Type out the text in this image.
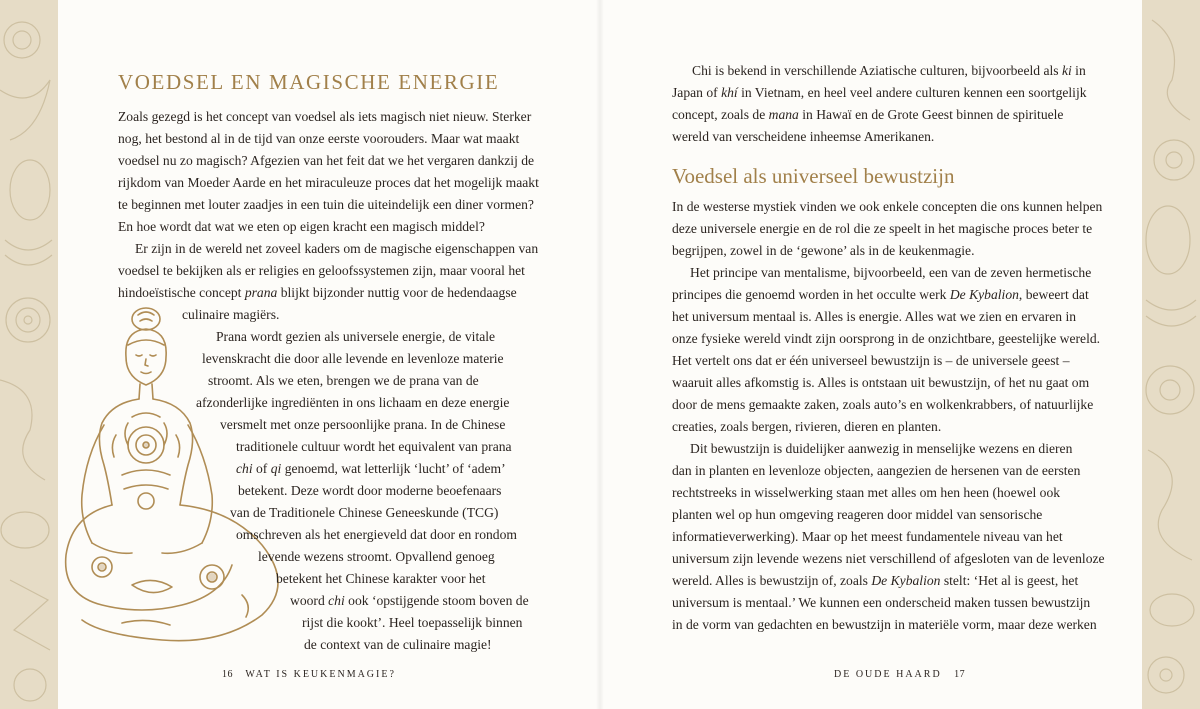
VOEDSEL EN MAGISCHE ENERGIE
Zoals gezegd is het concept van voedsel als iets magisch niet nieuw. Sterker
nog, het bestond al in de tijd van onze eerste voorouders. Maar wat maakt
voedsel nu zo magisch? Afgezien van het feit dat we het vergaren dankzij de
rijkdom van Moeder Aarde en het miraculeuze proces dat het mogelijk maakt
te beginnen met louter zaadjes in een tuin die uiteindelijk een diner vormen?
En hoe wordt dat wat we eten op eigen kracht een magisch middel?
Er zijn in de wereld net zoveel kaders om de magische eigenschappen van
voedsel te bekijken als er religies en geloofssystemen zijn, maar vooral het
hindoeïstische concept prana blijkt bijzonder nuttig voor de hedendaagse
culinaire magiërs.
Prana wordt gezien als universele energie, de vitale
levenskracht die door alle levende en levenloze materie
stroomt. Als we eten, brengen we de prana van de
afzonderlijke ingrediënten in ons lichaam en deze energie
versmelt met onze persoonlijke prana. In de Chinese
traditionele cultuur wordt het equivalent van prana
chi of qi genoemd, wat letterlijk ‘lucht’ of ‘adem’
betekent. Deze wordt door moderne beoefenaars
van de Traditionele Chinese Geneeskunde (TCG)
omschreven als het energieveld dat door en rondom
levende wezens stroomt. Opvallend genoeg
betekent het Chinese karakter voor het
woord chi ook ‘opstijgende stoom boven de
rijst die kookt’. Heel toepasselijk binnen
de context van de culinaire magie!
16 WAT IS KEUKENMAGIE?
Chi is bekend in verschillende Aziatische culturen, bijvoorbeeld als ki in
Japan of khí in Vietnam, en heel veel andere culturen kennen een soortgelijk
concept, zoals de mana in Hawaï en de Grote Geest binnen de spirituele
wereld van verscheidene inheemse Amerikanen.
Voedsel als universeel bewustzijn
In de westerse mystiek vinden we ook enkele concepten die ons kunnen helpen
deze universele energie en de rol die ze speelt in het magische proces beter te
begrijpen, zowel in de ‘gewone’ als in de keukenmagie.
Het principe van mentalisme, bijvoorbeeld, een van de zeven hermetische
principes die genoemd worden in het occulte werk De Kybalion, beweert dat
het universum mentaal is. Alles is energie. Alles wat we zien en ervaren in
onze fysieke wereld vindt zijn oorsprong in de onzichtbare, geestelijke wereld.
Het vertelt ons dat er één universeel bewustzijn is – de universele geest –
waaruit alles afkomstig is. Alles is ontstaan uit bewustzijn, of het nu gaat om
door de mens gemaakte zaken, zoals auto’s en wolkenkrabbers, of natuurlijke
creaties, zoals bergen, rivieren, dieren en planten.
Dit bewustzijn is duidelijker aanwezig in menselijke wezens en dieren
dan in planten en levenloze objecten, aangezien de hersenen van de eersten
rechtstreeks in wisselwerking staan met alles om hen heen (hoewel ook
planten wel op hun omgeving reageren door middel van sensorische
informatieverwerking). Maar op het meest fundamentele niveau van het
universum zijn levende wezens niet verschillend of afgesloten van de levenloze
wereld. Alles is bewustzijn of, zoals De Kybalion stelt: ‘Het al is geest, het
universum is mentaal.’ We kunnen een onderscheid maken tussen bewustzijn
in de vorm van gedachten en bewustzijn in materiële vorm, maar deze werken
DE OUDE HAARD 17
